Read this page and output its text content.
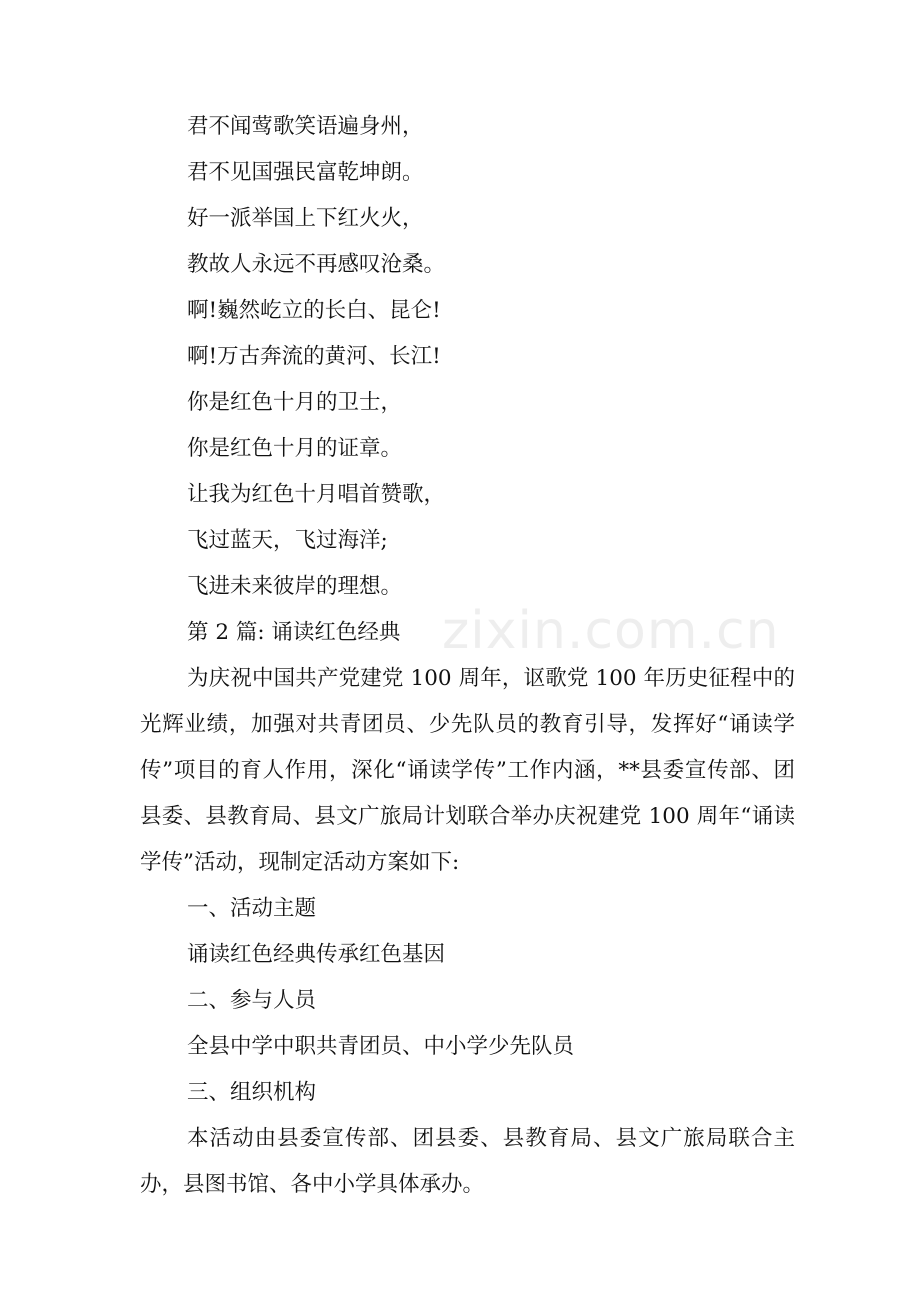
君不闻莺歌笑语遍身州，

君不见国强民富乾坤朗。

好一派举国上下红火火，

教故人永远不再感叹沧桑。

啊!巍然屹立的长白、昆仑!

啊!万古奔流的黄河、长江!

你是红色十月的卫士，

你是红色十月的证章。

让我为红色十月唱首赞歌，

飞过蓝天，飞过海洋;

飞进未来彼岸的理想。

第 2 篇: 诵读红色经典

为庆祝中国共产党建党 100 周年，讴歌党 100 年历史征程中的光辉业绩，加强对共青团员、少先队员的教育引导，发挥好“诵读学传”项目的育人作用，深化“诵读学传”工作内涵，**县委宣传部、团县委、县教育局、县文广旅局计划联合举办庆祝建党 100 周年“诵读学传”活动，现制定活动方案如下:

一、活动主题

诵读红色经典传承红色基因

二、参与人员

全县中学中职共青团员、中小学少先队员

三、组织机构

本活动由县委宣传部、团县委、县教育局、县文广旅局联合主办，县图书馆、各中小学具体承办。

zixin.com.cn
